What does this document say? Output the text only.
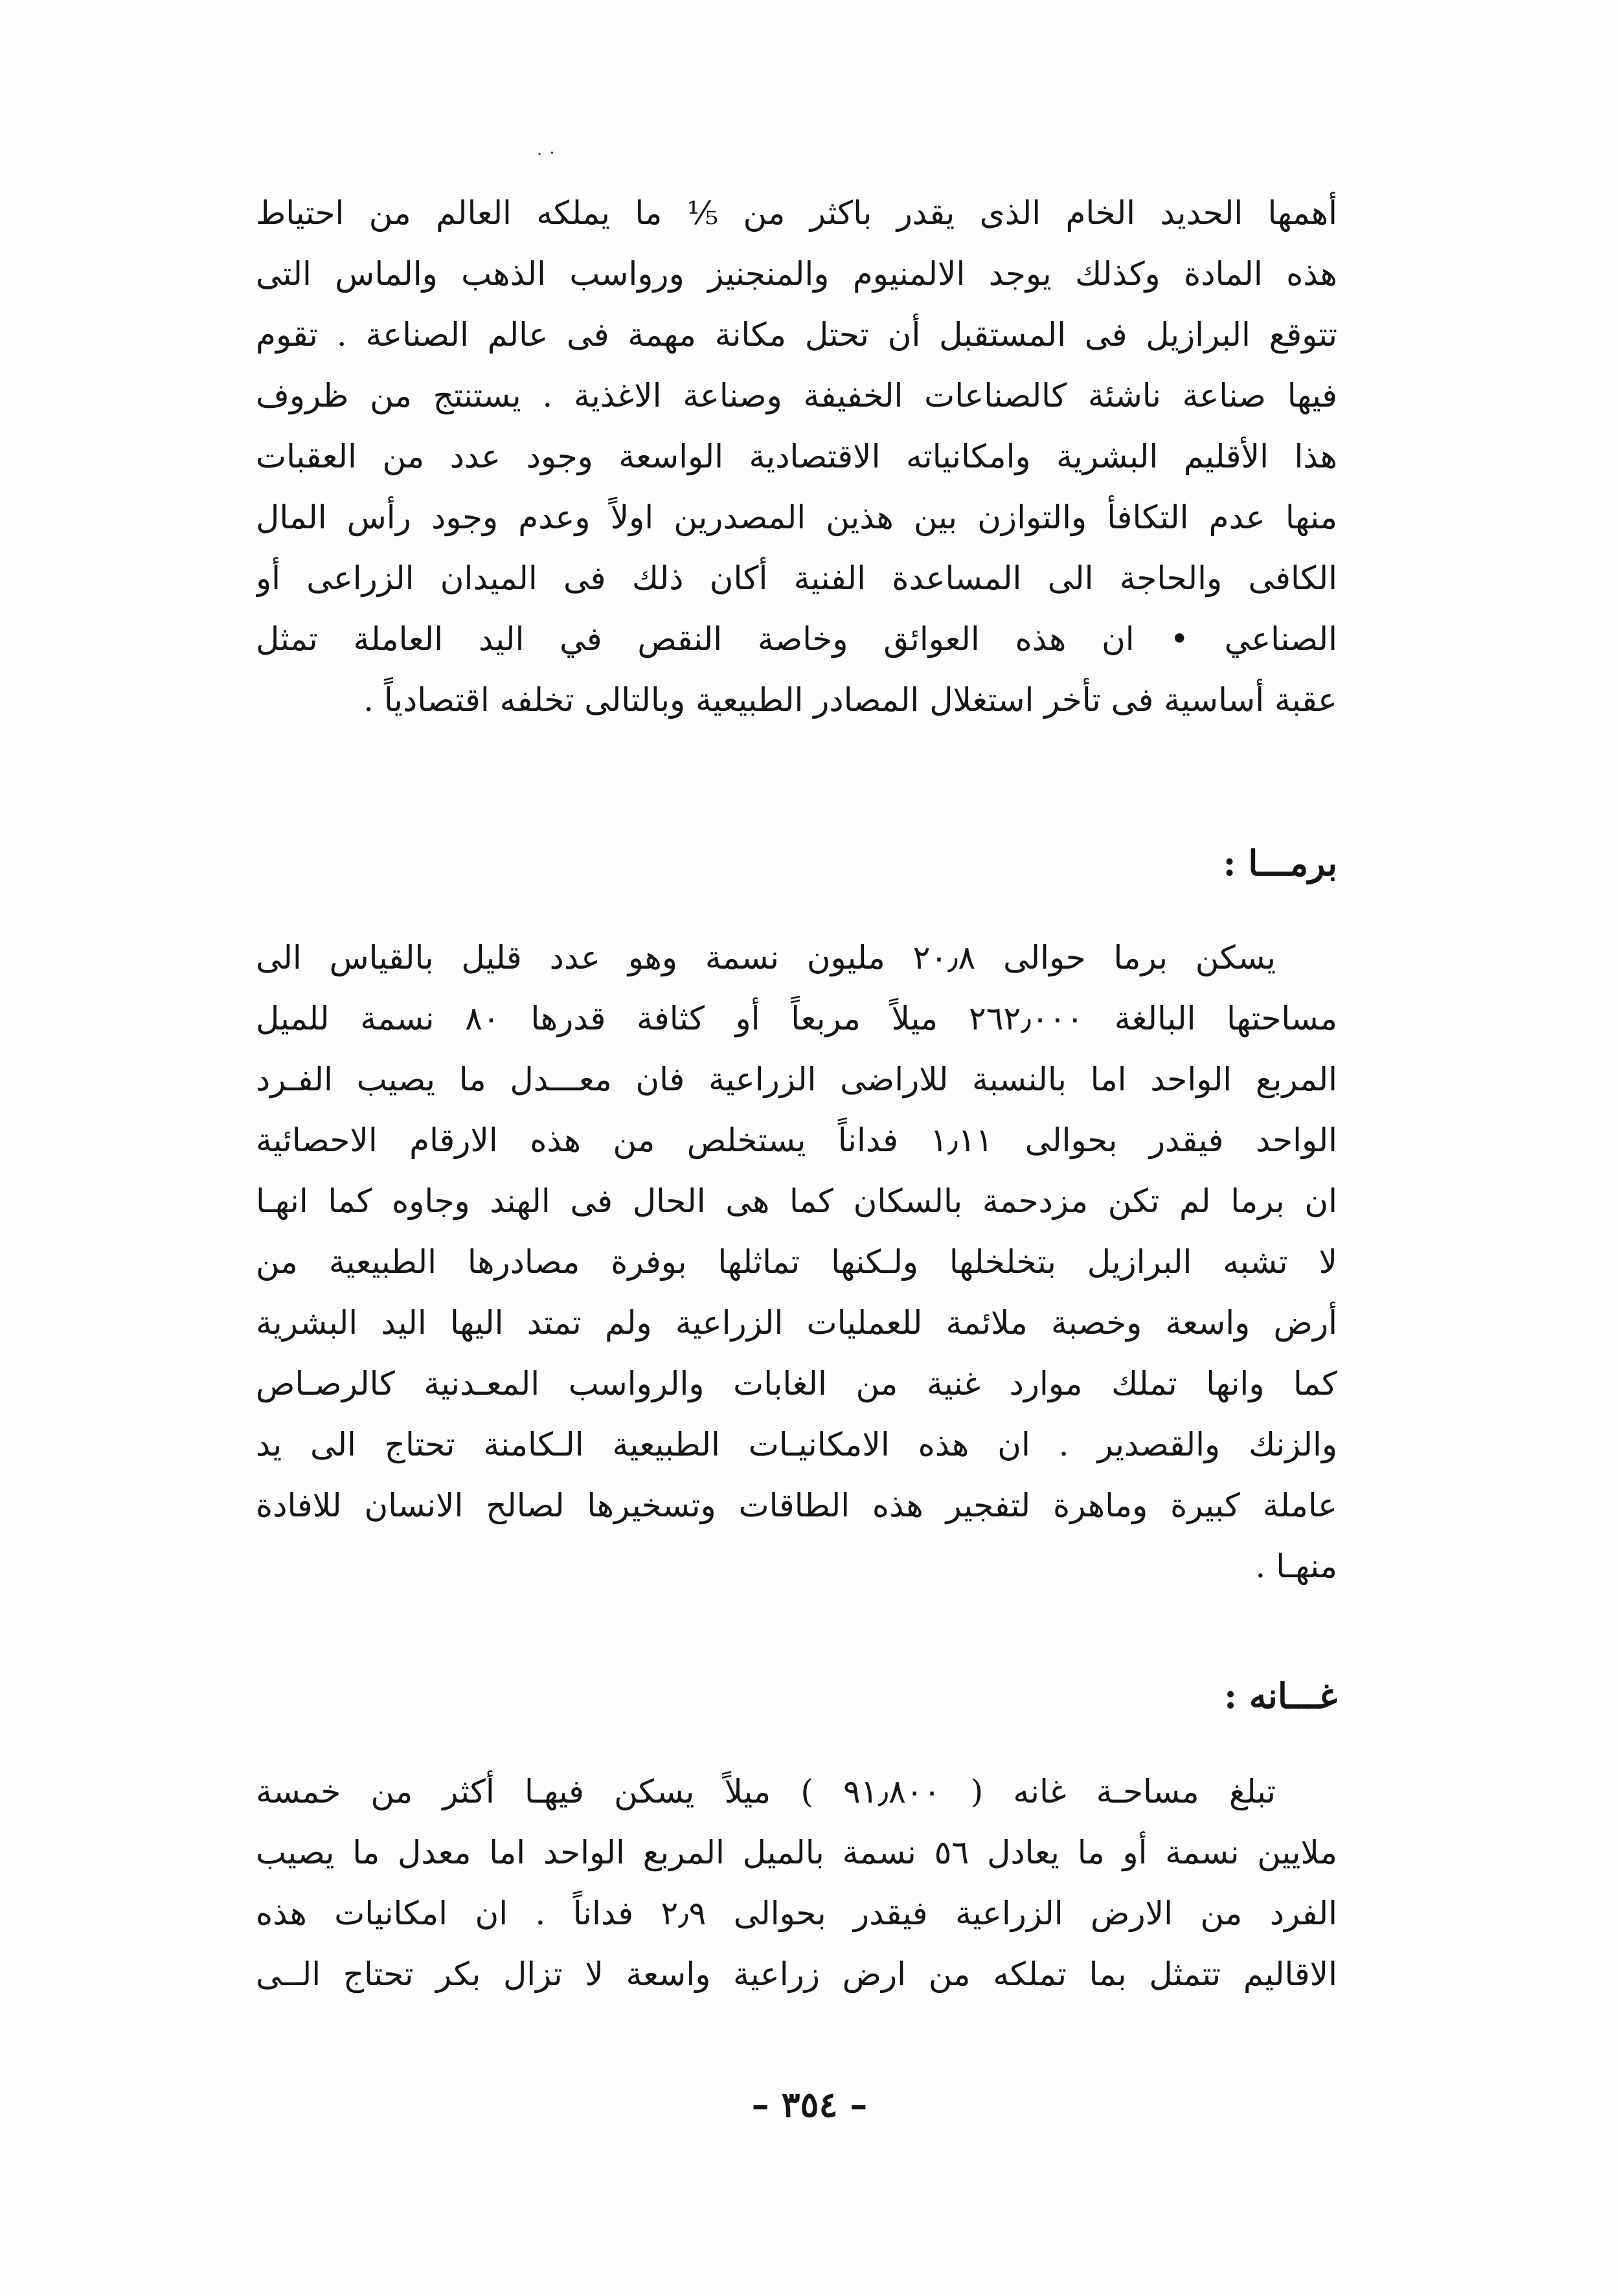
٠ ·
أهمها الحديد الخام الذى يقدر باكثر من ⅕ ما يملكه العالم من احتياط
هذه المادة وكذلك يوجد الالمنيوم والمنجنيز ورواسب الذهب والماس التى
تتوقع البرازيل فى المستقبل أن تحتل مكانة مهمة فى عالم الصناعة . تقوم
فيها صناعة ناشئة كالصناعات الخفيفة وصناعة الاغذية . يستنتج من ظروف
هذا الأقليم البشرية وامكانياته الاقتصادية الواسعة وجود عدد من العقبات
منها عدم التكافأ والتوازن بين هذين المصدرين اولاً وعدم وجود رأس المال
الكافى والحاجة الى المساعدة الفنية أكان ذلك فى الميدان الزراعى أو
الصناعي • ان هذه العوائق وخاصة النقص في اليد العاملة تمثل
عقبة أساسية فى تأخر استغلال المصادر الطبيعية وبالتالى تخلفه اقتصادياً .
برمـــا :
يسكن برما حوالى ٢٠٫٨ مليون نسمة وهو عدد قليل بالقياس الى
مساحتها البالغة ٢٦٢٫٠٠٠ ميلاً مربعاً أو كثافة قدرها ٨٠ نسمة للميل
المربع الواحد اما بالنسبة للاراضى الزراعية فان معـــدل ما يصيب الفـرد
الواحد فيقدر بحوالى ١٫١١ فداناً يستخلص من هذه الارقام الاحصائية
ان برما لم تكن مزدحمة بالسكان كما هى الحال فى الهند وجاوه كما انهـا
لا تشبه البرازيل بتخلخلها ولـكنها تماثلها بوفرة مصادرها الطبيعية من
أرض واسعة وخصبة ملائمة للعمليات الزراعية ولم تمتد اليها اليد البشرية
كما وانها تملك موارد غنية من الغابات والرواسب المعـدنية كالرصـاص
والزنك والقصدير . ان هذه الامكانيـات الطبيعية الـكامنة تحتاج الى يد
عاملة كبيرة وماهرة لتفجير هذه الطاقات وتسخيرها لصالح الانسان للافادة
منهـا .
غـــانه :
تبلغ مساحـة غانه ( ٩١٫٨٠٠ ) ميلاً يسكن فيهـا أكثر من خمسة
ملايين نسمة أو ما يعادل ٥٦ نسمة بالميل المربع الواحد اما معدل ما يصيب
الفرد من الارض الزراعية فيقدر بحوالى ٢٫٩ فداناً . ان امكانيات هذه
الاقاليم تتمثل بما تملكه من ارض زراعية واسعة لا تزال بكر تحتاج الــى
– ٣٥٤ –
